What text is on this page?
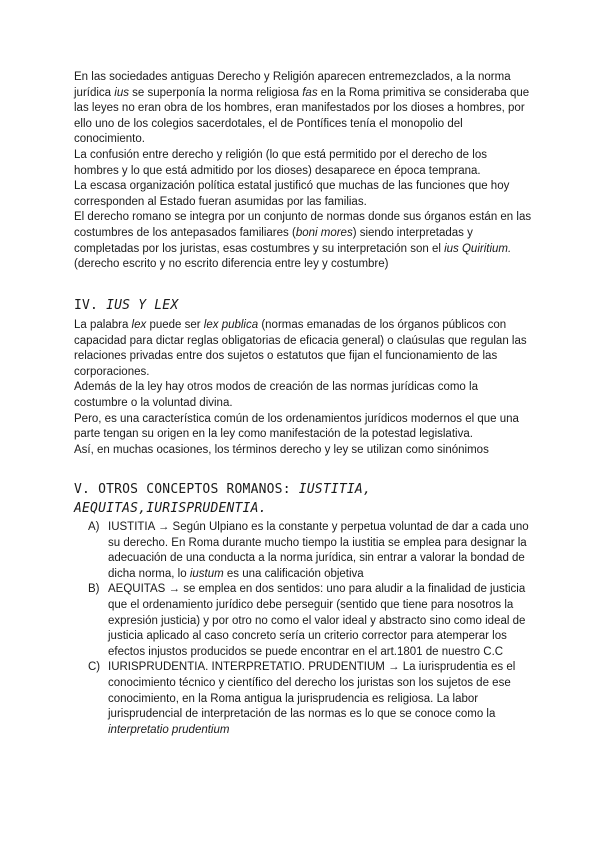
En las sociedades antiguas Derecho y Religión aparecen entremezclados, a la norma jurídica ius se superponía la norma religiosa fas en la Roma primitiva se consideraba que las leyes no eran obra de los hombres, eran manifestados por los dioses a hombres, por ello uno de los colegios sacerdotales, el de Pontífices tenía el monopolio del conocimiento.

La confusión entre derecho y religión (lo que está permitido por el derecho de los hombres y lo que está admitido por los dioses) desaparece en época temprana.

La escasa organización política estatal justificó que muchas de las funciones que hoy corresponden al Estado fueran asumidas por las familias.

El derecho romano se integra por un conjunto de normas donde sus órganos están en las costumbres de los antepasados familiares (boni mores) siendo interpretadas y completadas por los juristas, esas costumbres y su interpretación son el ius Quiritium. (derecho escrito y no escrito diferencia entre ley y costumbre)

IV. IUS Y LEX

La palabra lex puede ser lex publica (normas emanadas de los órganos públicos con capacidad para dictar reglas obligatorias de eficacia general) o claúsulas que regulan las relaciones privadas entre dos sujetos o estatutos que fijan el funcionamiento de las corporaciones.

Además de la ley hay otros modos de creación de las normas jurídicas como la costumbre o la voluntad divina.

Pero, es una característica común de los ordenamientos jurídicos modernos el que una parte tengan su origen en la ley como manifestación de la potestad legislativa.

Así, en muchas ocasiones, los términos derecho y ley se utilizan como sinónimos

V. OTROS CONCEPTOS ROMANOS: IUSTITIA,
AEQUITAS,IURISPRUDENTIA.
A) IUSTITIA → Según Ulpiano es la constante y perpetua voluntad de dar a cada uno su derecho. En Roma durante mucho tiempo la iustitia se emplea para designar la adecuación de una conducta a la norma jurídica, sin entrar a valorar la bondad de dicha norma, lo iustum es una calificación objetiva
B) AEQUITAS → se emplea en dos sentidos: uno para aludir a la finalidad de justicia que el ordenamiento jurídico debe perseguir (sentido que tiene para nosotros la expresión justicia) y por otro no como el valor ideal y abstracto sino como ideal de justicia aplicado al caso concreto sería un criterio corrector para atemperar los efectos injustos producidos se puede encontrar en el art.1801 de nuestro C.C
C) IURISPRUDENTIA. INTERPRETATIO. PRUDENTIUM → La iurisprudentia es el conocimiento técnico y científico del derecho los juristas son los sujetos de ese conocimiento, en la Roma antigua la jurisprudencia es religiosa. La labor jurisprudencial de interpretación de las normas es lo que se conoce como la interpretatio prudentium
